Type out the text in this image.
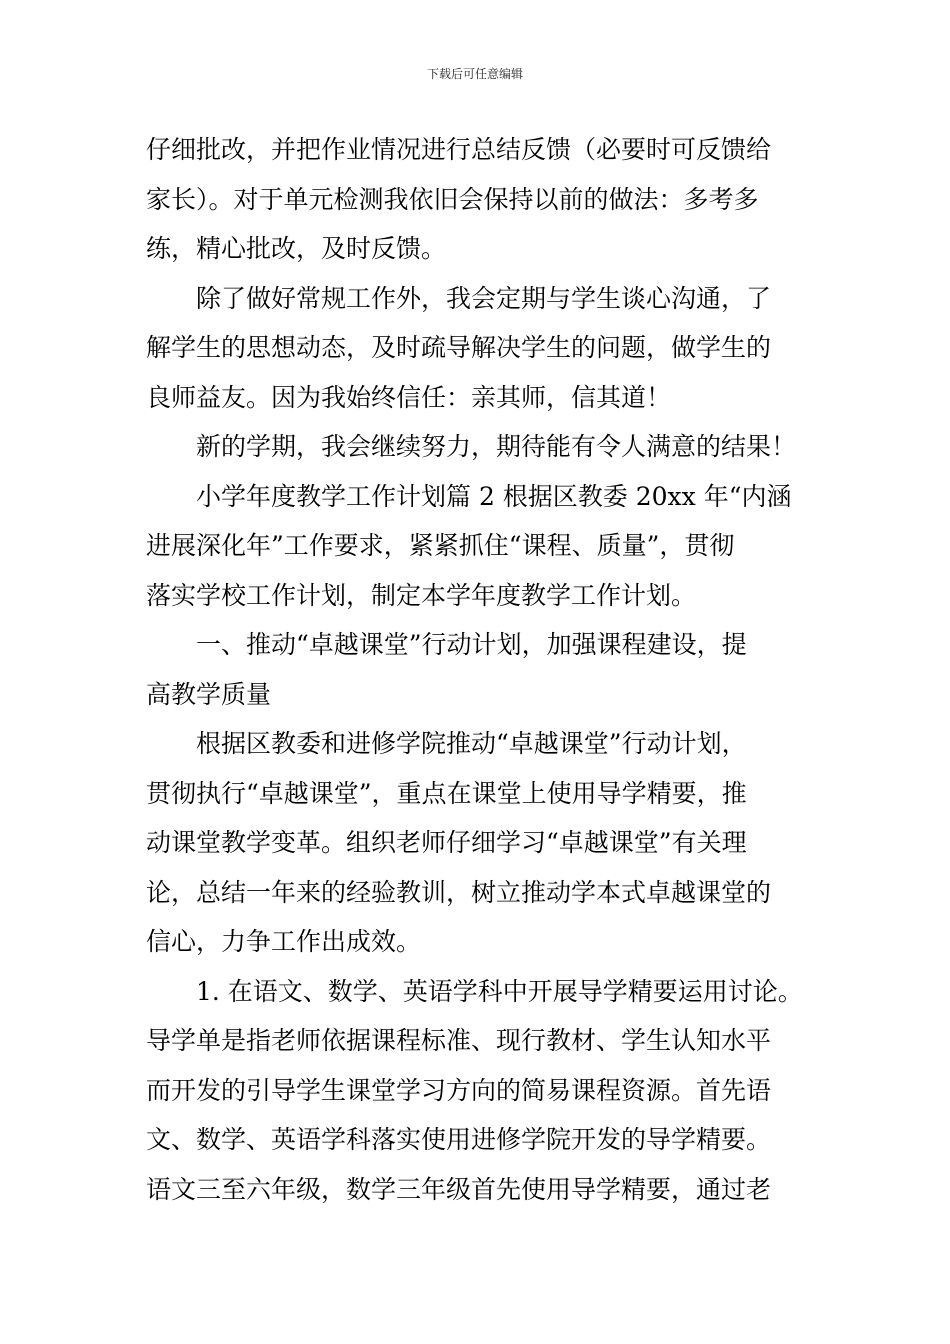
下载后可任意编辑
仔细批改，并把作业情况进行总结反馈（必要时可反馈给
家长）。对于单元检测我依旧会保持以前的做法：多考多
练，精心批改，及时反馈。
除了做好常规工作外，我会定期与学生谈心沟通，了
解学生的思想动态，及时疏导解决学生的问题，做学生的
良师益友。因为我始终信任：亲其师，信其道！
新的学期，我会继续努力，期待能有令人满意的结果！
小学年度教学工作计划篇 2 根据区教委 20xx 年“内涵
进展深化年”工作要求，紧紧抓住“课程、质量”，贯彻
落实学校工作计划，制定本学年度教学工作计划。
一、推动“卓越课堂”行动计划，加强课程建设，提
高教学质量
根据区教委和进修学院推动“卓越课堂”行动计划，
贯彻执行“卓越课堂”，重点在课堂上使用导学精要，推
动课堂教学变革。组织老师仔细学习“卓越课堂”有关理
论，总结一年来的经验教训，树立推动学本式卓越课堂的
信心，力争工作出成效。
1. 在语文、数学、英语学科中开展导学精要运用讨论。
导学单是指老师依据课程标准、现行教材、学生认知水平
而开发的引导学生课堂学习方向的简易课程资源。首先语
文、数学、英语学科落实使用进修学院开发的导学精要。
语文三至六年级，数学三年级首先使用导学精要，通过老
